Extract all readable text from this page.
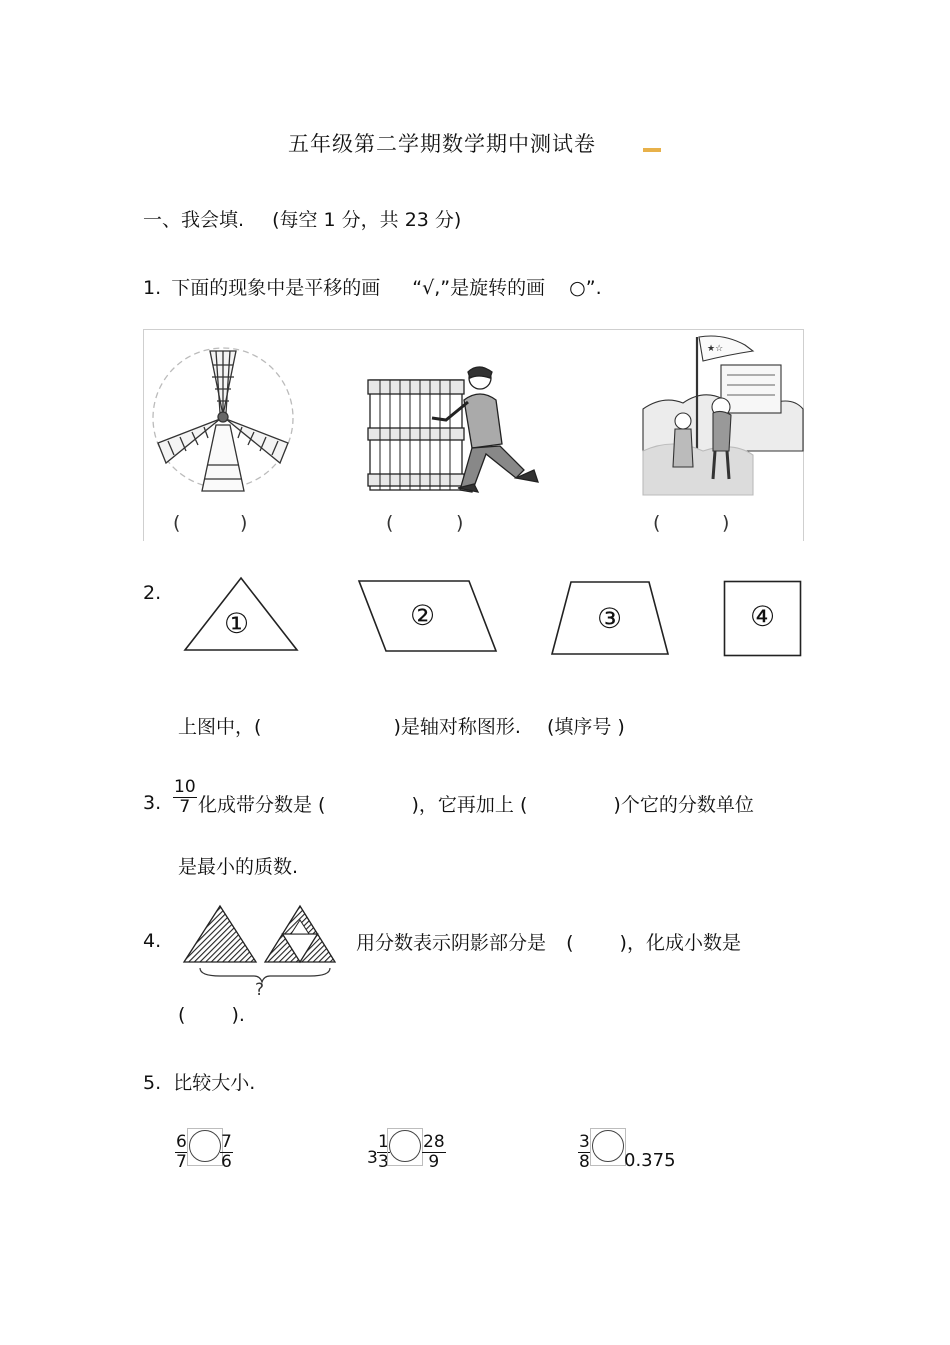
五年级第二学期数学期中测试卷
一、我会填. (每空 1 分，共 23 分)
1. 下面的现象中是平移的画 “√,”是旋转的画 ○”.
★☆
(	)	(	)	(	)
2.
①	②	③	④
上图中，(	)是轴对称图形. (填序号 )
3. $\frac{10}{7}$ 化成带分数是 (	)，它再加上 (	)个它的分数单位
是最小的质数.
4.
?
用分数表示阴影部分是 ( )，化成小数是
( ).
5. 比较大小.
$\frac{6}{7} \frac{7}{6}$	$3 \frac{1}{3} \frac{28}{9}$	$\frac{3}{8} 0.375$
